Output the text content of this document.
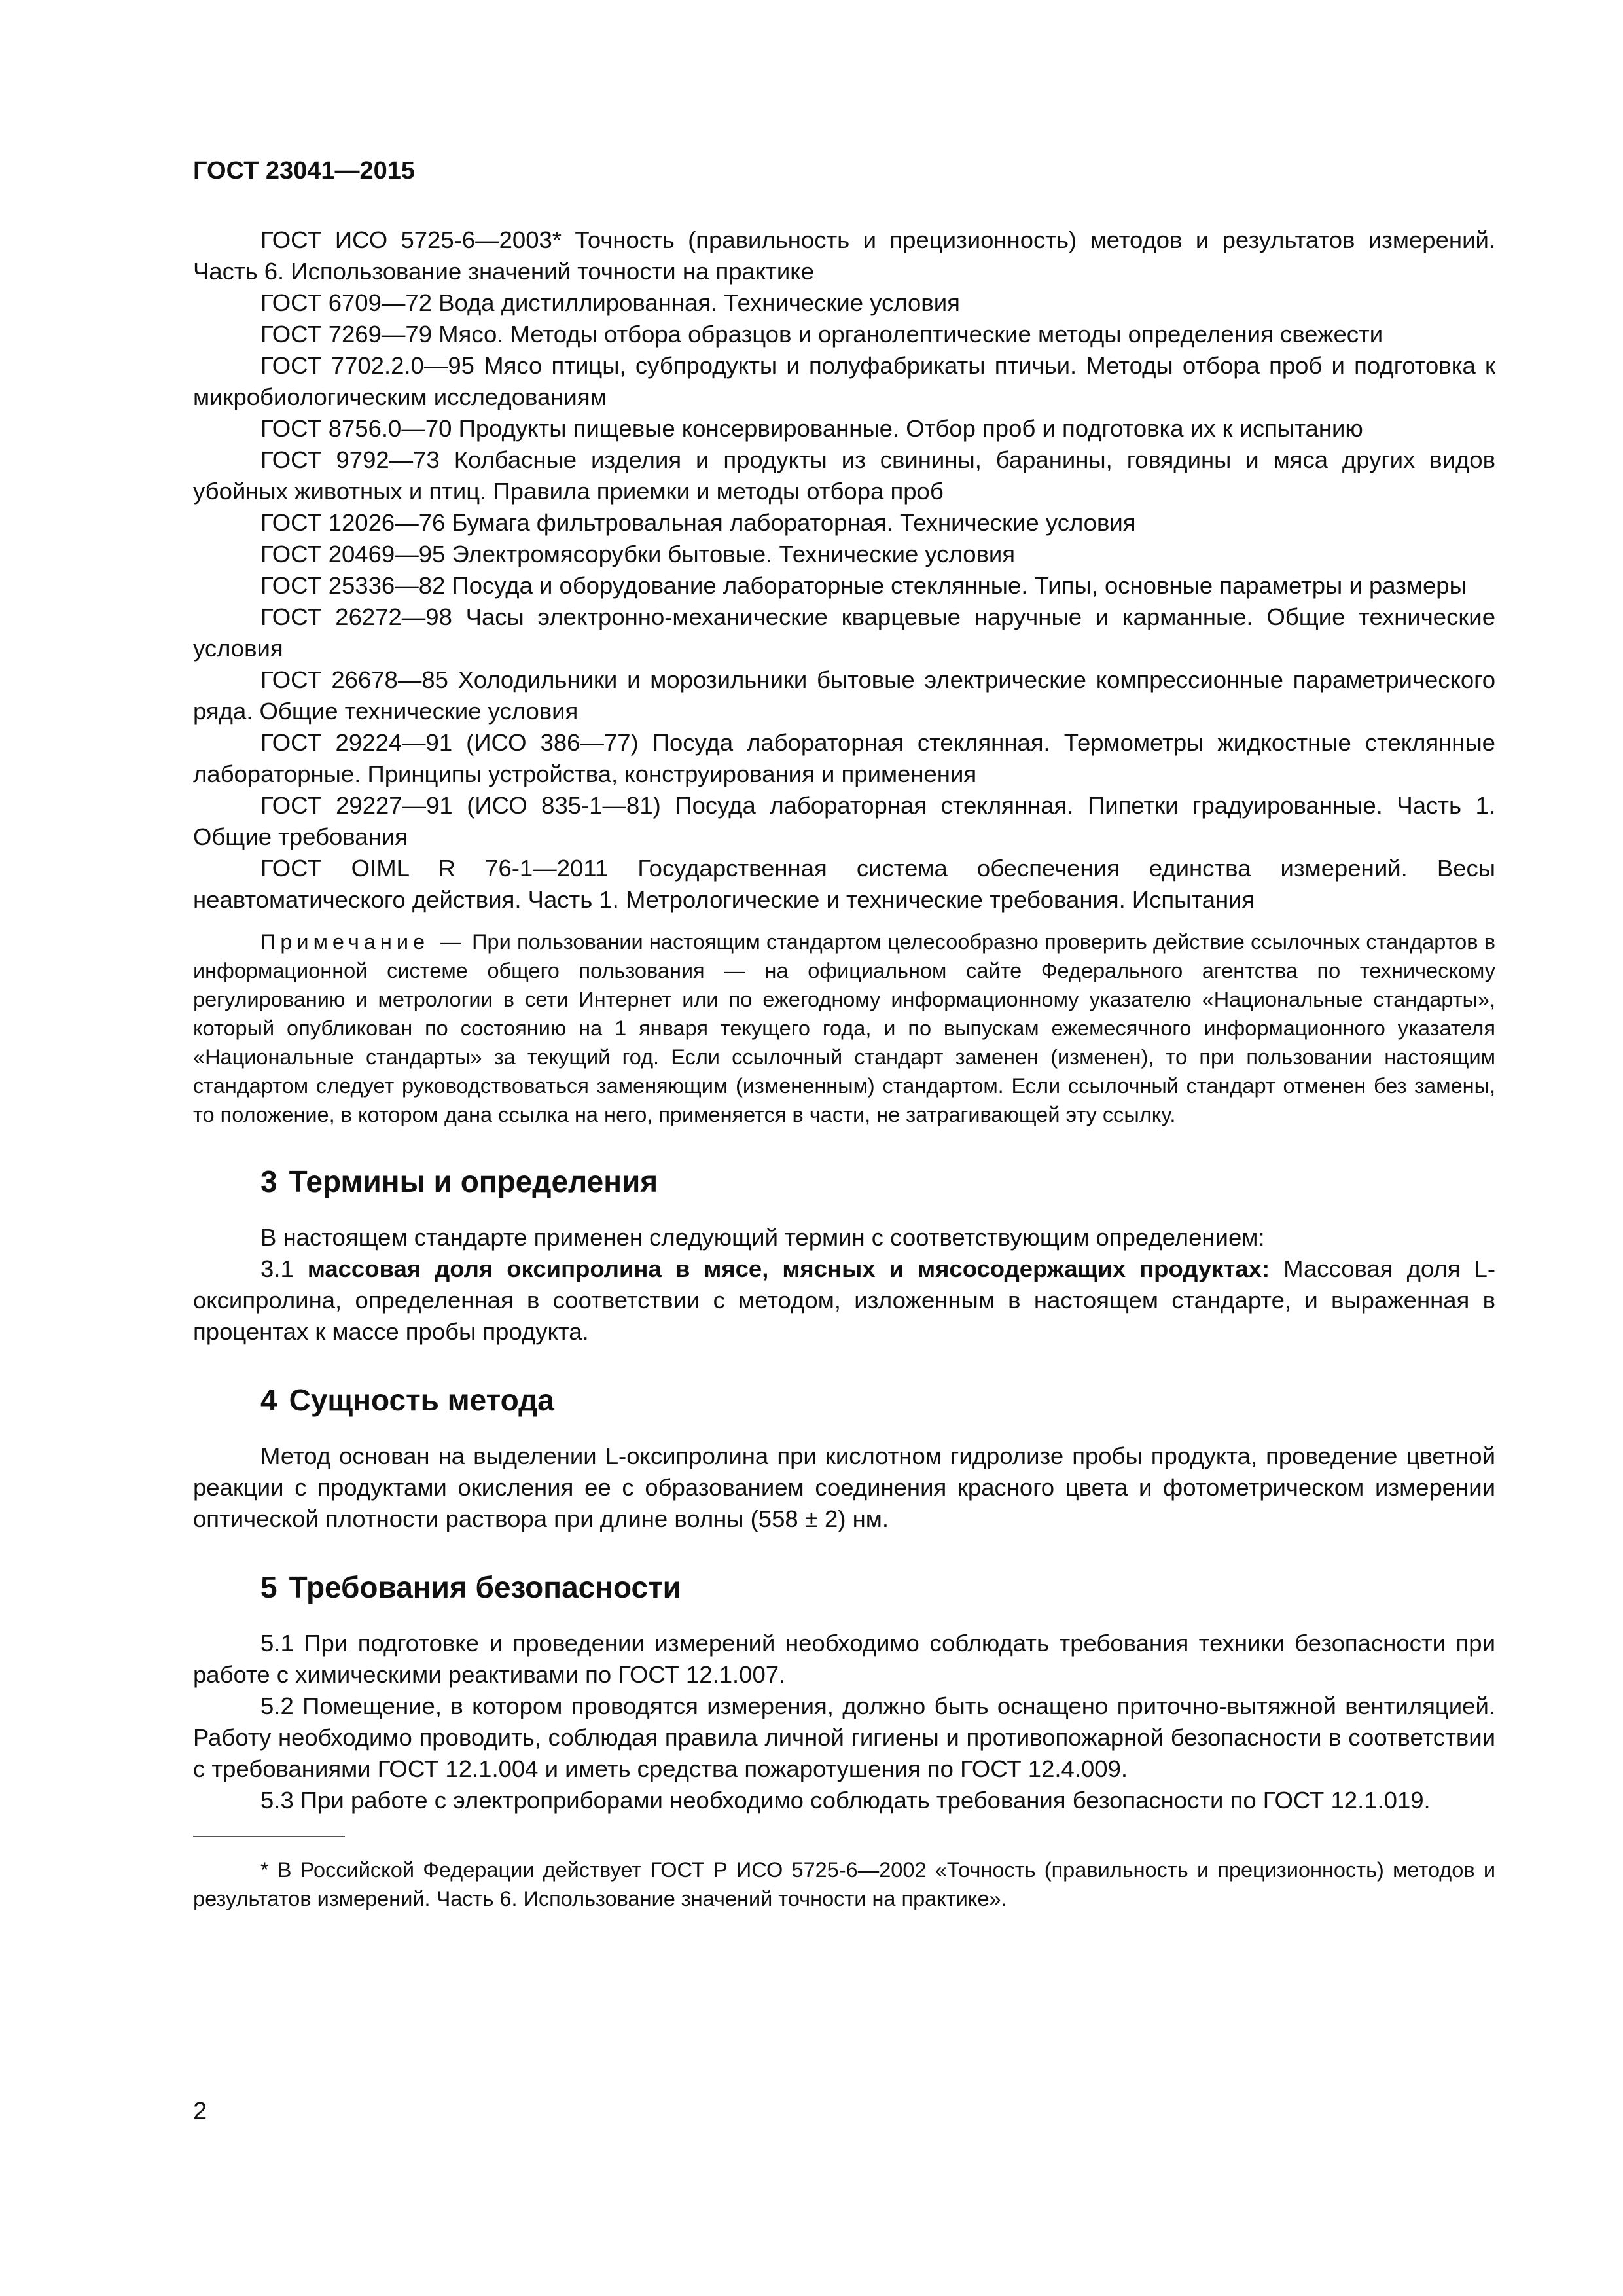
ГОСТ 23041—2015

ГОСТ ИСО 5725-6—2003* Точность (правильность и прецизионность) методов и результатов измерений. Часть 6. Использование значений точности на практике

ГОСТ 6709—72 Вода дистиллированная. Технические условия

ГОСТ 7269—79 Мясо. Методы отбора образцов и органолептические методы определения свежести

ГОСТ 7702.2.0—95 Мясо птицы, субпродукты и полуфабрикаты птичьи. Методы отбора проб и подготовка к микробиологическим исследованиям

ГОСТ 8756.0—70 Продукты пищевые консервированные. Отбор проб и подготовка их к испытанию

ГОСТ 9792—73 Колбасные изделия и продукты из свинины, баранины, говядины и мяса других видов убойных животных и птиц. Правила приемки и методы отбора проб

ГОСТ 12026—76 Бумага фильтровальная лабораторная. Технические условия

ГОСТ 20469—95 Электромясорубки бытовые. Технические условия

ГОСТ 25336—82 Посуда и оборудование лабораторные стеклянные. Типы, основные параметры и размеры

ГОСТ 26272—98 Часы электронно-механические кварцевые наручные и карманные. Общие технические условия

ГОСТ 26678—85 Холодильники и морозильники бытовые электрические компрессионные параметрического ряда. Общие технические условия

ГОСТ 29224—91 (ИСО 386—77) Посуда лабораторная стеклянная. Термометры жидкостные стеклянные лабораторные. Принципы устройства, конструирования и применения

ГОСТ 29227—91 (ИСО 835-1—81) Посуда лабораторная стеклянная. Пипетки градуированные. Часть 1. Общие требования

ГОСТ OIML R 76-1—2011 Государственная система обеспечения единства измерений. Весы неавтоматического действия. Часть 1. Метрологические и технические требования. Испытания

Примечание — При пользовании настоящим стандартом целесообразно проверить действие ссылочных стандартов в информационной системе общего пользования — на официальном сайте Федерального агентства по техническому регулированию и метрологии в сети Интернет или по ежегодному информационному указателю «Национальные стандарты», который опубликован по состоянию на 1 января текущего года, и по выпускам ежемесячного информационного указателя «Национальные стандарты» за текущий год. Если ссылочный стандарт заменен (изменен), то при пользовании настоящим стандартом следует руководствоваться заменяющим (измененным) стандартом. Если ссылочный стандарт отменен без замены, то положение, в котором дана ссылка на него, применяется в части, не затрагивающей эту ссылку.

3 Термины и определения

В настоящем стандарте применен следующий термин с соответствующим определением:

3.1 массовая доля оксипролина в мясе, мясных и мясосодержащих продуктах: Массовая доля L-оксипролина, определенная в соответствии с методом, изложенным в настоящем стандарте, и выраженная в процентах к массе пробы продукта.

4 Сущность метода

Метод основан на выделении L-оксипролина при кислотном гидролизе пробы продукта, проведение цветной реакции с продуктами окисления ее с образованием соединения красного цвета и фотометрическом измерении оптической плотности раствора при длине волны (558 ± 2) нм.

5 Требования безопасности

5.1 При подготовке и проведении измерений необходимо соблюдать требования техники безопасности при работе с химическими реактивами по ГОСТ 12.1.007.

5.2 Помещение, в котором проводятся измерения, должно быть оснащено приточно-вытяжной вентиляцией. Работу необходимо проводить, соблюдая правила личной гигиены и противопожарной безопасности в соответствии с требованиями ГОСТ 12.1.004 и иметь средства пожаротушения по ГОСТ 12.4.009.

5.3 При работе с электроприборами необходимо соблюдать требования безопасности по ГОСТ 12.1.019.

* В Российской Федерации действует ГОСТ Р ИСО 5725-6—2002 «Точность (правильность и прецизионность) методов и результатов измерений. Часть 6. Использование значений точности на практике».

2
